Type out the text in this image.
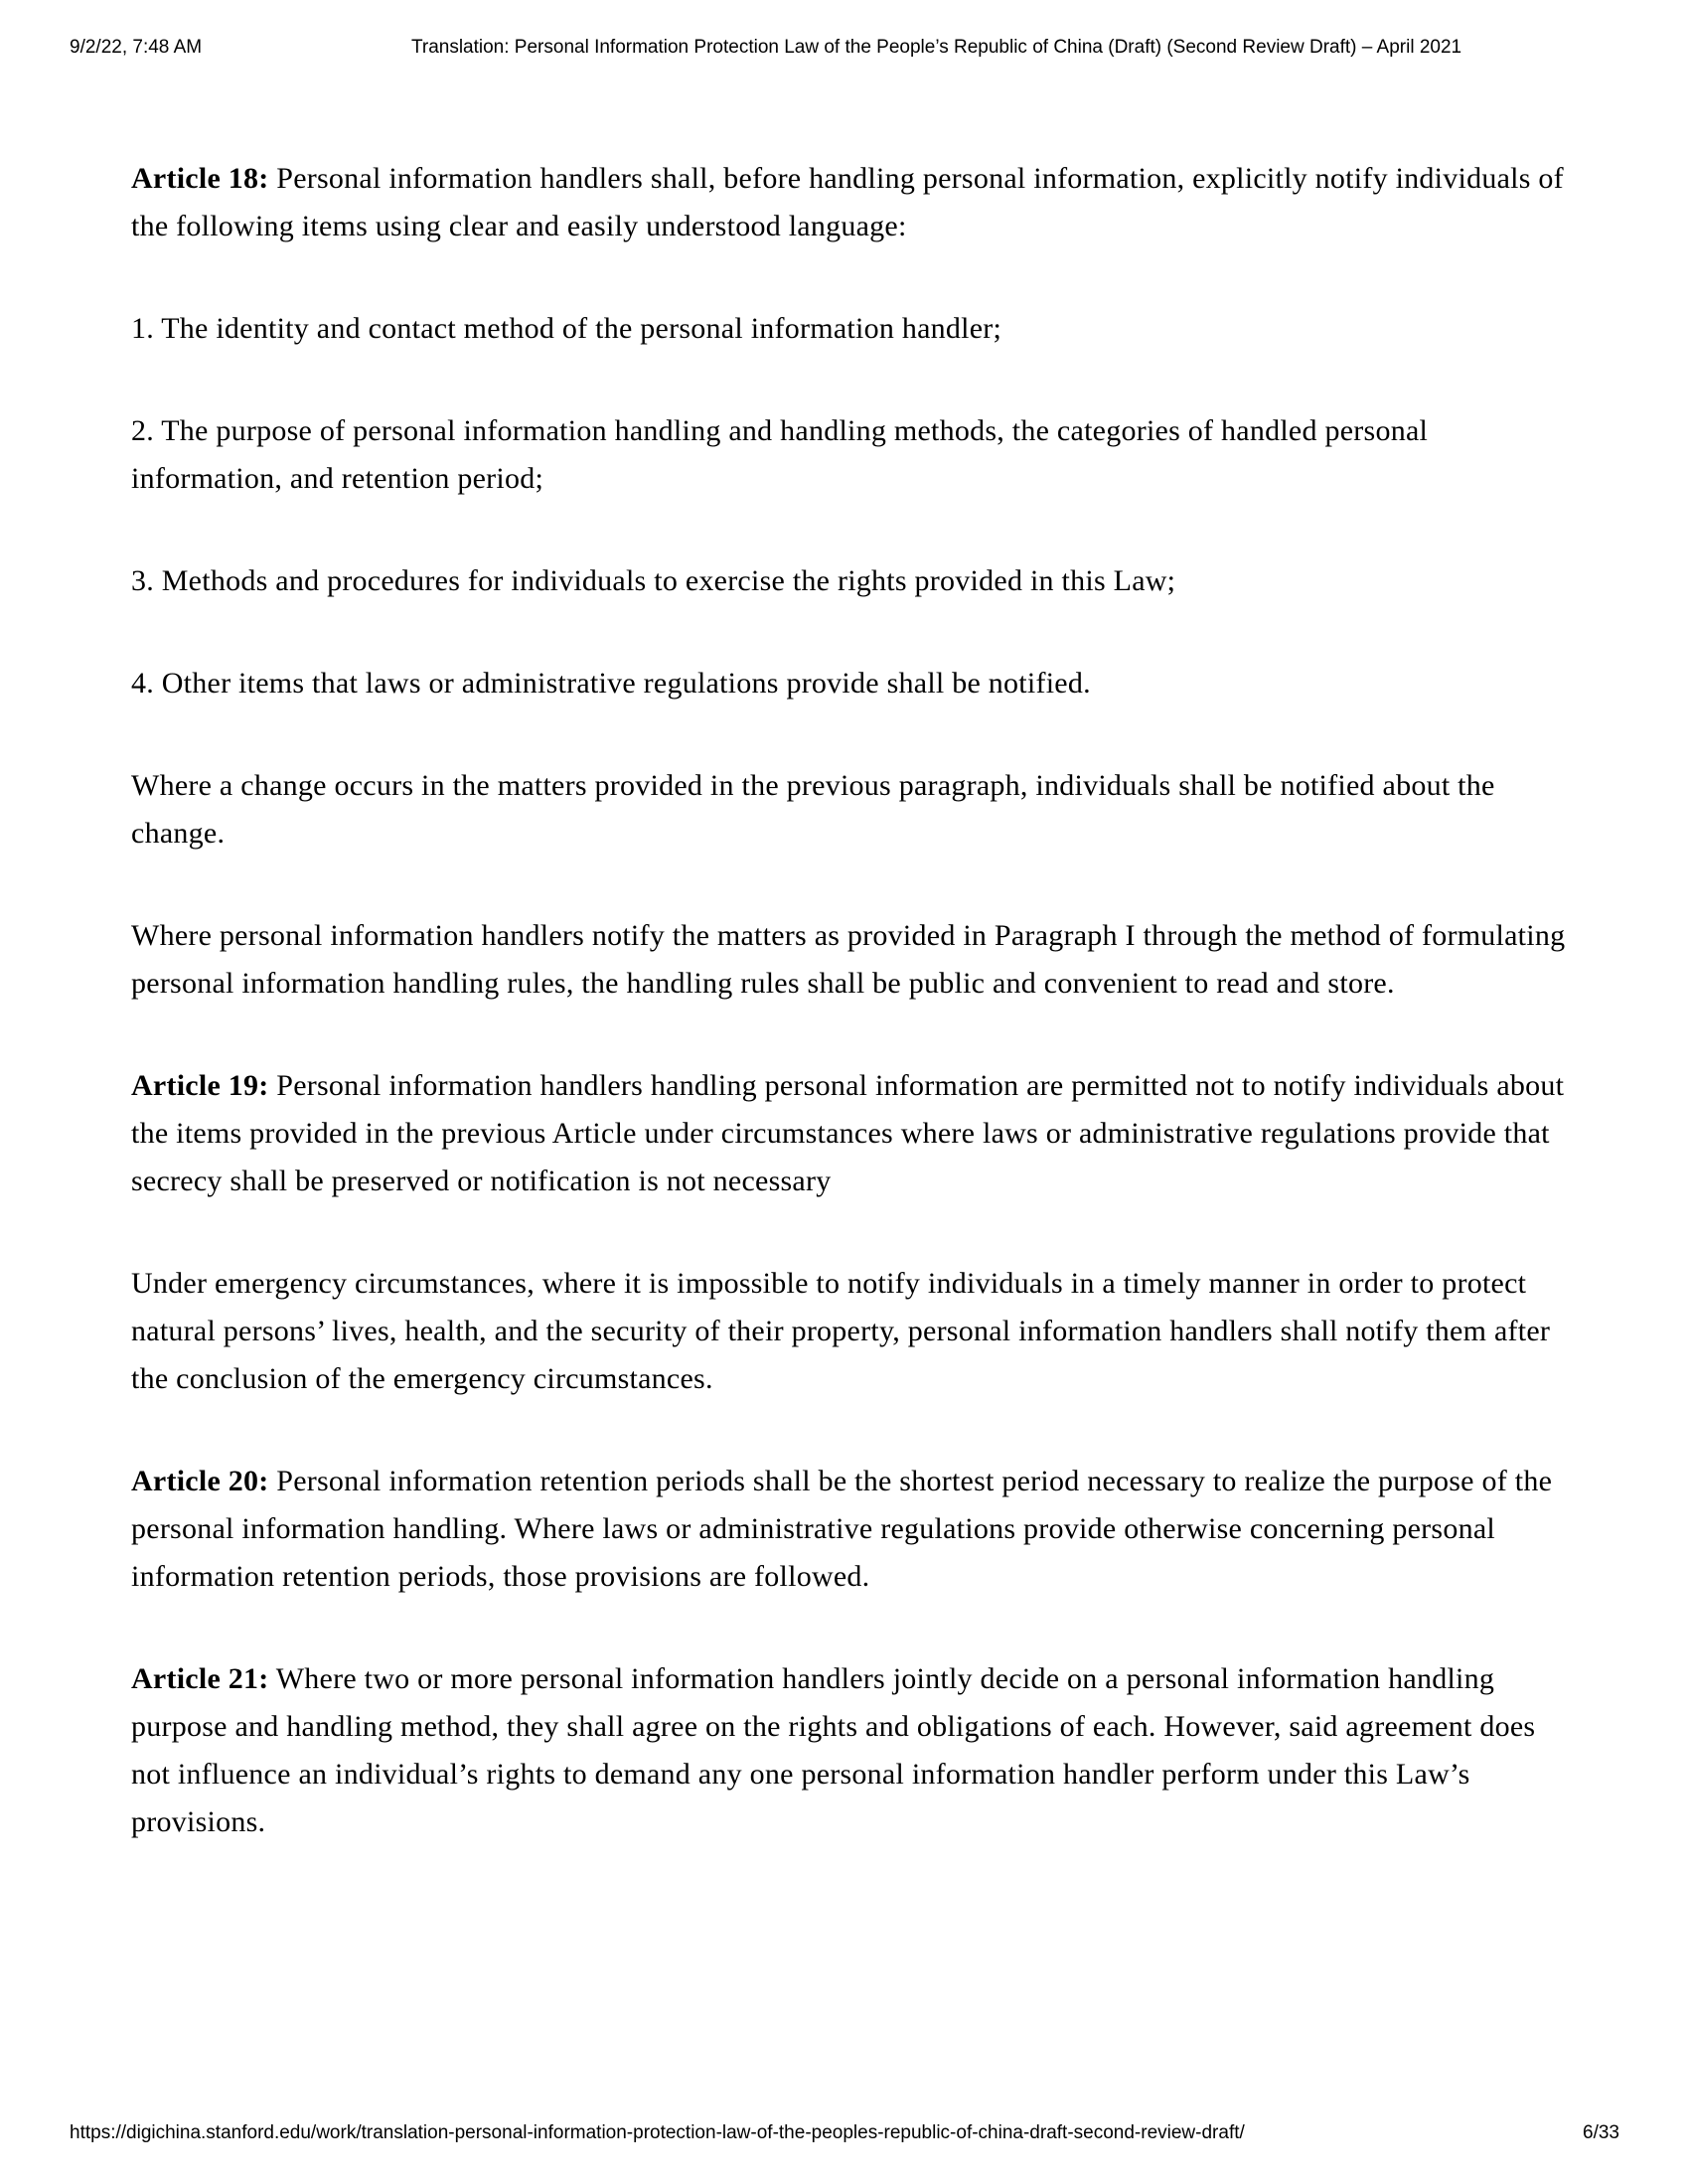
9/2/22, 7:48 AM	Translation: Personal Information Protection Law of the People’s Republic of China (Draft) (Second Review Draft) – April 2021

Article 18: Personal information handlers shall, before handling personal information, explicitly notify individuals of the following items using clear and easily understood language:

1. The identity and contact method of the personal information handler;

2. The purpose of personal information handling and handling methods, the categories of handled personal information, and retention period;

3. Methods and procedures for individuals to exercise the rights provided in this Law;

4. Other items that laws or administrative regulations provide shall be notified.

Where a change occurs in the matters provided in the previous paragraph, individuals shall be notified about the change.

Where personal information handlers notify the matters as provided in Paragraph I through the method of formulating personal information handling rules, the handling rules shall be public and convenient to read and store.

Article 19: Personal information handlers handling personal information are permitted not to notify individuals about the items provided in the previous Article under circumstances where laws or administrative regulations provide that secrecy shall be preserved or notification is not necessary

Under emergency circumstances, where it is impossible to notify individuals in a timely manner in order to protect natural persons’ lives, health, and the security of their property, personal information handlers shall notify them after the conclusion of the emergency circumstances.

Article 20: Personal information retention periods shall be the shortest period necessary to realize the purpose of the personal information handling. Where laws or administrative regulations provide otherwise concerning personal information retention periods, those provisions are followed.

Article 21: Where two or more personal information handlers jointly decide on a personal information handling purpose and handling method, they shall agree on the rights and obligations of each. However, said agreement does not influence an individual’s rights to demand any one personal information handler perform under this Law’s provisions.

https://digichina.stanford.edu/work/translation-personal-information-protection-law-of-the-peoples-republic-of-china-draft-second-review-draft/	6/33
